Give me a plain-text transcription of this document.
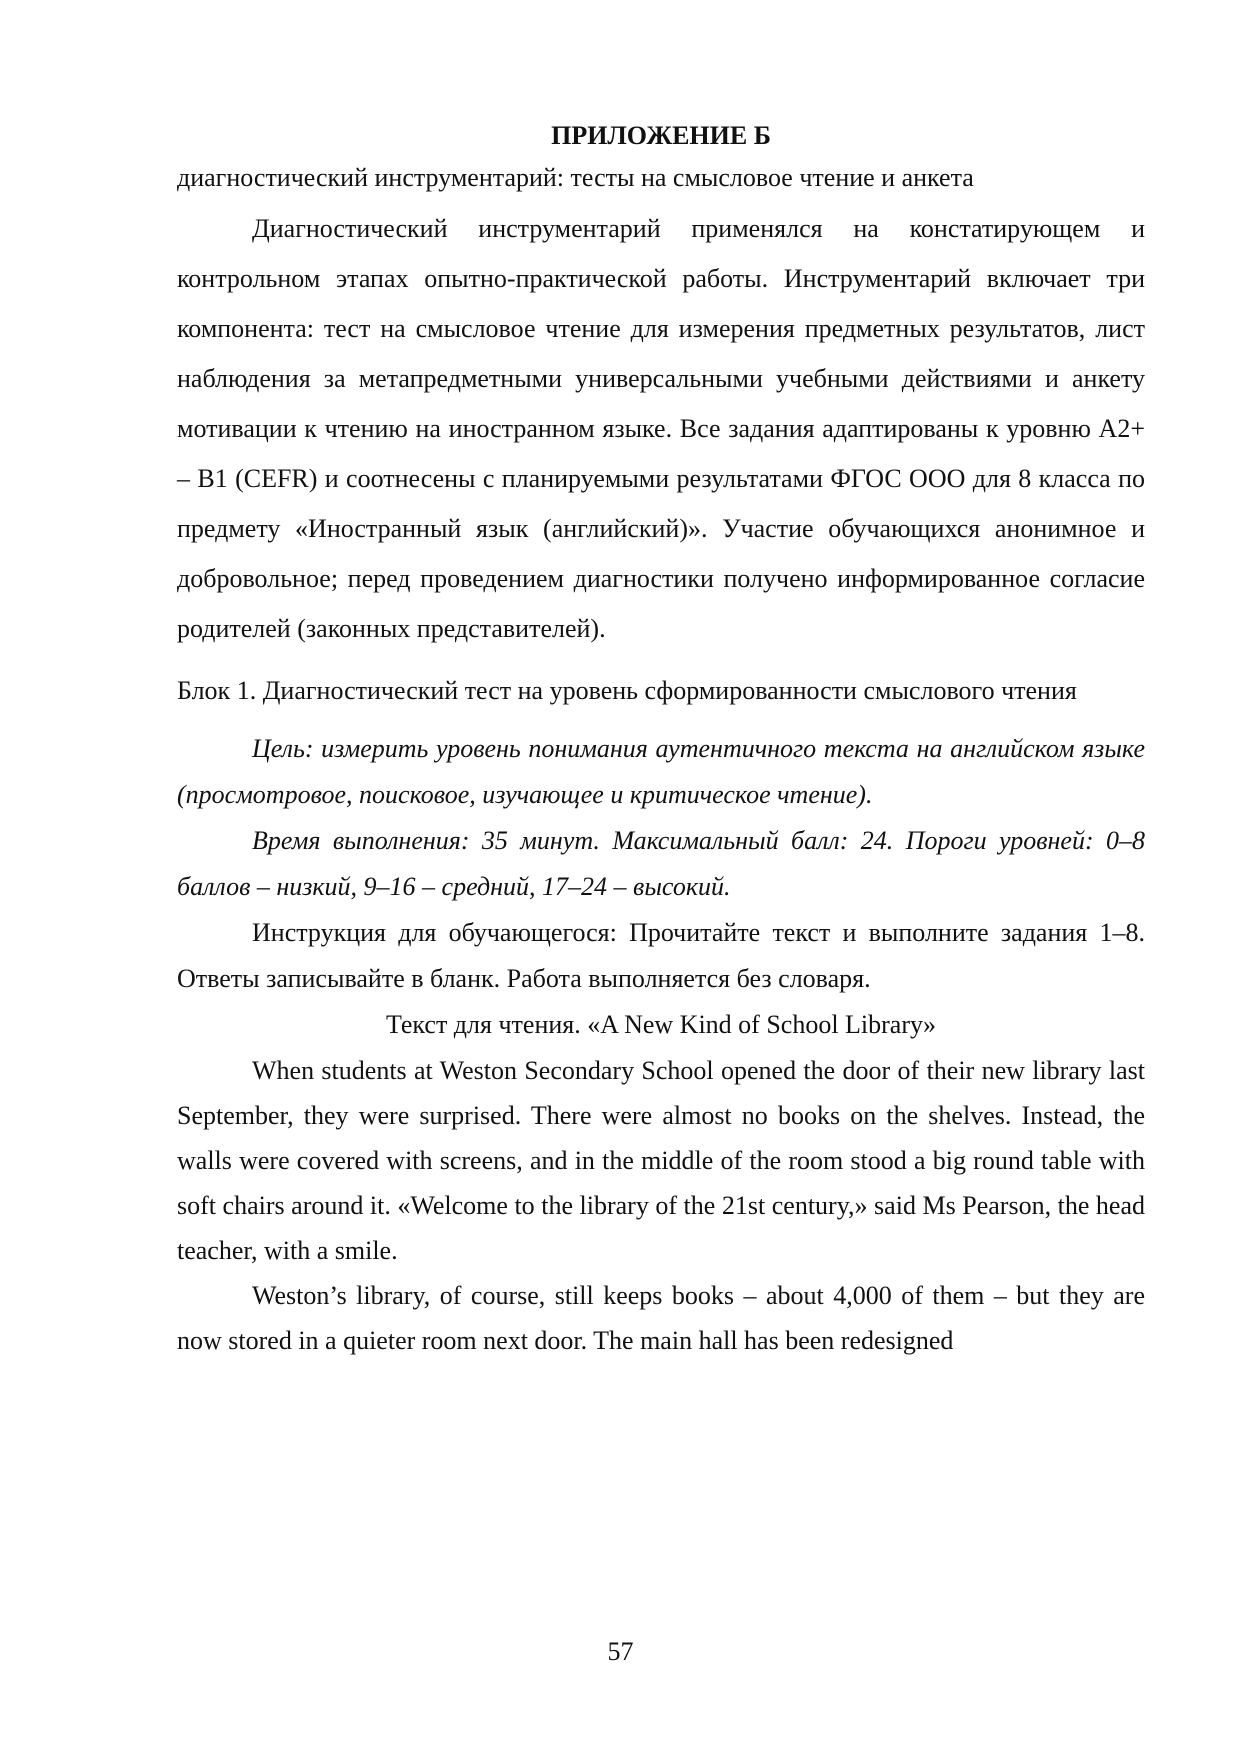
ПРИЛОЖЕНИЕ Б

диагностический инструментарий: тесты на смысловое чтение и анкета

Диагностический инструментарий применялся на констатирующем и контрольном этапах опытно-практической работы. Инструментарий включает три компонента: тест на смысловое чтение для измерения предметных результатов, лист наблюдения за метапредметными универсальными учебными действиями и анкету мотивации к чтению на иностранном языке. Все задания адаптированы к уровню A2+ – B1 (CEFR) и соотнесены с планируемыми результатами ФГОС ООО для 8 класса по предмету «Иностранный язык (английский)». Участие обучающихся анонимное и добровольное; перед проведением диагностики получено информированное согласие родителей (законных представителей).

Блок 1. Диагностический тест на уровень сформированности смыслового чтения

Цель: измерить уровень понимания аутентичного текста на английском языке (просмотровое, поисковое, изучающее и критическое чтение).

Время выполнения: 35 минут. Максимальный балл: 24. Пороги уровней: 0–8 баллов – низкий, 9–16 – средний, 17–24 – высокий.

Инструкция для обучающегося: Прочитайте текст и выполните задания 1–8. Ответы записывайте в бланк. Работа выполняется без словаря.

Текст для чтения. «A New Kind of School Library»

When students at Weston Secondary School opened the door of their new library last September, they were surprised. There were almost no books on the shelves. Instead, the walls were covered with screens, and in the middle of the room stood a big round table with soft chairs around it. «Welcome to the library of the 21st century,» said Ms Pearson, the head teacher, with a smile.

Weston’s library, of course, still keeps books – about 4,000 of them – but they are now stored in a quieter room next door. The main hall has been redesigned

57
